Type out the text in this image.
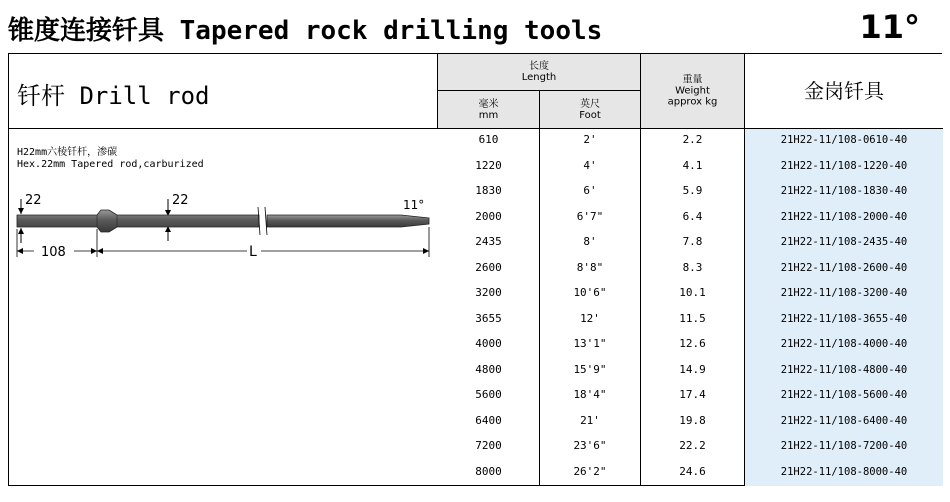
锥度连接钎具 Tapered rock drilling tools	11°
钎杆 Drill rod
H22mm六棱钎杆，渗碳
Hex.22mm Tapered rod,carburized
22	22	11°
108	L
长度
Length
毫米
mm
英尺
Foot
重量
Weight
approx kg	金岗钎具
610	2'	2.2	21H22-11/108-0610-40
1220	4'	4.1	21H22-11/108-1220-40
1830	6'	5.9	21H22-11/108-1830-40
2000	6'7"	6.4	21H22-11/108-2000-40
2435	8'	7.8	21H22-11/108-2435-40
2600	8'8"	8.3	21H22-11/108-2600-40
3200	10'6"	10.1	21H22-11/108-3200-40
3655	12'	11.5	21H22-11/108-3655-40
4000	13'1"	12.6	21H22-11/108-4000-40
4800	15'9"	14.9	21H22-11/108-4800-40
5600	18'4"	17.4	21H22-11/108-5600-40
6400	21'	19.8	21H22-11/108-6400-40
7200	23'6"	22.2	21H22-11/108-7200-40
8000	26'2"	24.6	21H22-11/108-8000-40
